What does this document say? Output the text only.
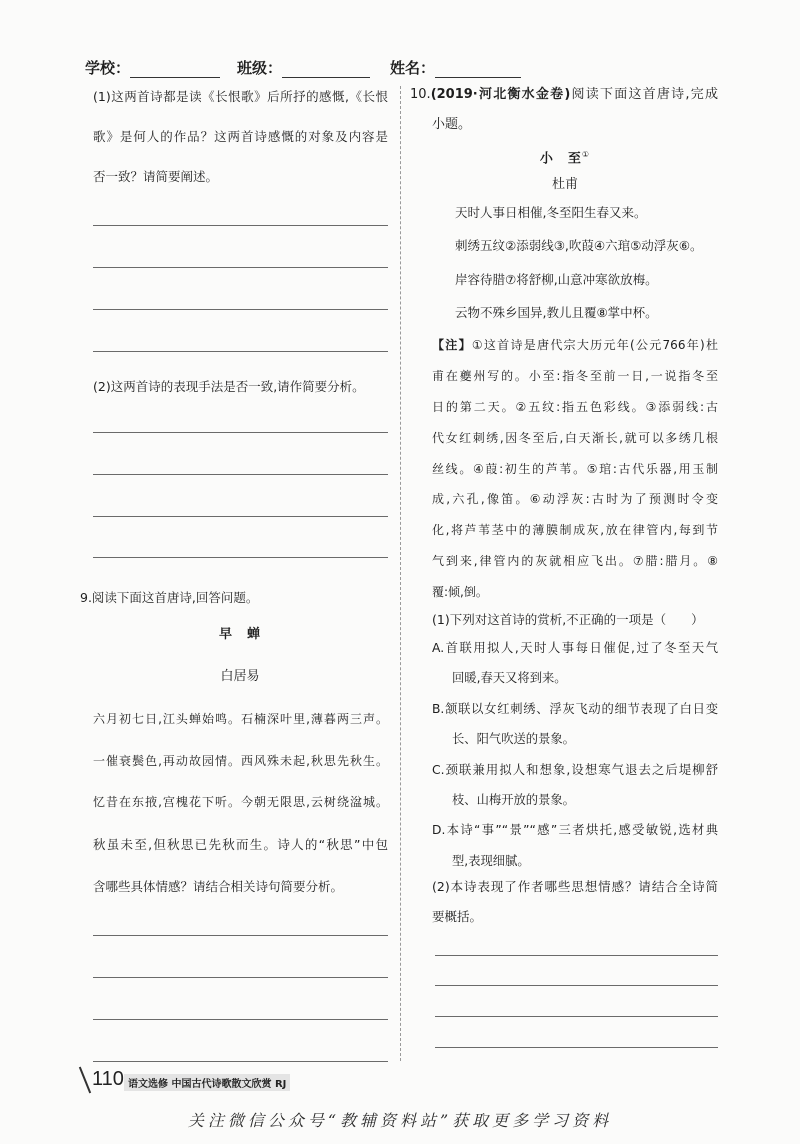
学校：	班级：	姓名：
(1)这两首诗都是读《长恨歌》后所抒的感慨,《长恨
歌》是何人的作品？这两首诗感慨的对象及内容是
否一致？请简要阐述。
(2)这两首诗的表现手法是否一致,请作简要分析。
9.阅读下面这首唐诗,回答问题。
早　蝉
白居易
六月初七日,江头蝉始鸣。石楠深叶里,薄暮两三声。
一催衰鬓色,再动故园情。西风殊未起,秋思先秋生。
忆昔在东掖,宫槐花下听。今朝无限思,云树绕湓城。
秋虽未至,但秋思已先秋而生。诗人的“秋思”中包
含哪些具体情感？请结合相关诗句简要分析。
10.(2019·河北衡水金卷)阅读下面这首唐诗,完成
小题。
小　至①
杜甫
天时人事日相催,冬至阳生春又来。
刺绣五纹②添弱线③,吹葭④六琯⑤动浮灰⑥。
岸容待腊⑦将舒柳,山意冲寒欲放梅。
云物不殊乡国异,教儿且覆⑧掌中杯。
【注】①这首诗是唐代宗大历元年(公元766年)杜
甫在夔州写的。小至:指冬至前一日,一说指冬至
日的第二天。②五纹:指五色彩线。③添弱线:古
代女红刺绣,因冬至后,白天渐长,就可以多绣几根
丝线。④葭:初生的芦苇。⑤琯:古代乐器,用玉制
成,六孔,像笛。⑥动浮灰:古时为了预测时令变
化,将芦苇茎中的薄膜制成灰,放在律管内,每到节
气到来,律管内的灰就相应飞出。⑦腊:腊月。⑧
覆:倾,倒。
(1)下列对这首诗的赏析,不正确的一项是（　　）
A.首联用拟人,天时人事每日催促,过了冬至天气
回暖,春天又将到来。
B.颔联以女红刺绣、浮灰飞动的细节表现了白日变
长、阳气吹送的景象。
C.颈联兼用拟人和想象,设想寒气退去之后堤柳舒
枝、山梅开放的景象。
D.本诗“事”“景”“感”三者烘托,感受敏锐,选材典
型,表现细腻。
(2)本诗表现了作者哪些思想情感？请结合全诗简
要概括。
110 语文选修 中国古代诗歌散文欣赏 RJ
关注微信公众号“教辅资料站”获取更多学习资料
